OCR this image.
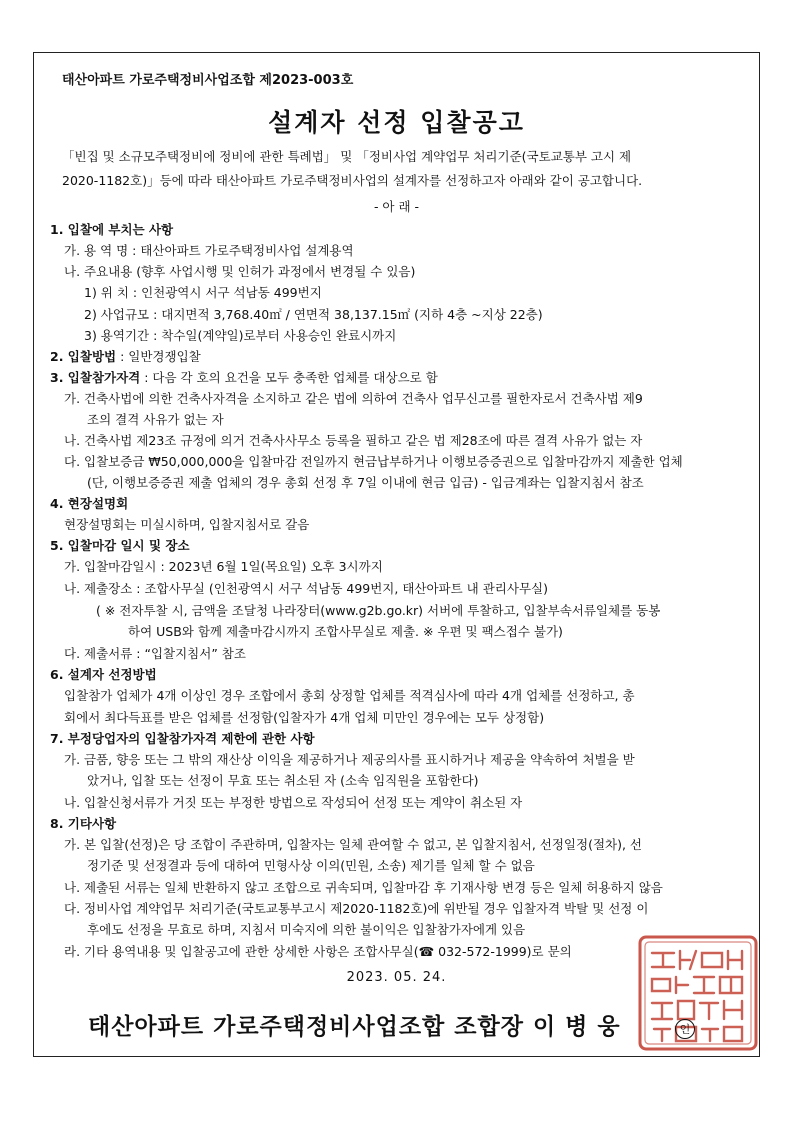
태산아파트 가로주택정비사업조합 제2023-003호
설계자 선정 입찰공고
「빈집 및 소규모주택정비에 정비에 관한 특례법」 및 「정비사업 계약업무 처리기준(국토교통부 고시 제
2020-1182호)」등에 따라 태산아파트 가로주택정비사업의 설계자를 선정하고자 아래와 같이 공고합니다.
- 아 래 -
1. 입찰에 부치는 사항
가. 용 역 명 : 태산아파트 가로주택정비사업 설계용역
나. 주요내용 (향후 사업시행 및 인허가 과정에서 변경될 수 있음)
1) 위 치 : 인천광역시 서구 석남동 499번지
2) 사업규모 : 대지면적 3,768.40㎡ / 연면적 38,137.15㎡ (지하 4층 ~지상 22층)
3) 용역기간 : 착수일(계약일)로부터 사용승인 완료시까지
2. 입찰방법 : 일반경쟁입찰
3. 입찰참가자격 : 다음 각 호의 요건을 모두 충족한 업체를 대상으로 함
가. 건축사법에 의한 건축사자격을 소지하고 같은 법에 의하여 건축사 업무신고를 필한자로서 건축사법 제9
조의 결격 사유가 없는 자
나. 건축사법 제23조 규정에 의거 건축사사무소 등록을 필하고 같은 법 제28조에 따른 결격 사유가 없는 자
다. 입찰보증금 ₩50,000,000을 입찰마감 전일까지 현금납부하거나 이행보증증권으로 입찰마감까지 제출한 업체
(단, 이행보증증권 제출 업체의 경우 총회 선정 후 7일 이내에 현금 입금) - 입금계좌는 입찰지침서 참조
4. 현장설명회
현장설명회는 미실시하며, 입찰지침서로 갈음
5. 입찰마감 일시 및 장소
가. 입찰마감일시 : 2023년 6월 1일(목요일) 오후 3시까지
나. 제출장소 : 조합사무실 (인천광역시 서구 석남동 499번지, 태산아파트 내 관리사무실)
( ※ 전자투찰 시, 금액을 조달청 나라장터(www.g2b.go.kr) 서버에 투찰하고, 입찰부속서류일체를 동봉
하여 USB와 함께 제출마감시까지 조합사무실로 제출. ※ 우편 및 팩스접수 불가)
다. 제출서류 : “입찰지침서” 참조
6. 설계자 선정방법
입찰참가 업체가 4개 이상인 경우 조합에서 총회 상정할 업체를 적격심사에 따라 4개 업체를 선정하고, 총
회에서 최다득표를 받은 업체를 선정함(입찰자가 4개 업체 미만인 경우에는 모두 상정함)
7. 부정당업자의 입찰참가자격 제한에 관한 사항
가. 금품, 향응 또는 그 밖의 재산상 이익을 제공하거나 제공의사를 표시하거나 제공을 약속하여 처벌을 받
았거나, 입찰 또는 선정이 무효 또는 취소된 자 (소속 임직원을 포함한다)
나. 입찰신청서류가 거짓 또는 부정한 방법으로 작성되어 선정 또는 계약이 취소된 자
8. 기타사항
가. 본 입찰(선정)은 당 조합이 주관하며, 입찰자는 일체 관여할 수 없고, 본 입찰지침서, 선정일정(절차), 선
정기준 및 선정결과 등에 대하여 민형사상 이의(민원, 소송) 제기를 일체 할 수 없음
나. 제출된 서류는 일체 반환하지 않고 조합으로 귀속되며, 입찰마감 후 기재사항 변경 등은 일체 허용하지 않음
다. 정비사업 계약업무 처리기준(국토교통부고시 제2020-1182호)에 위반될 경우 입찰자격 박탈 및 선정 이
후에도 선정을 무효로 하며, 지침서 미숙지에 의한 불이익은 입찰참가자에게 있음
라. 기타 용역내용 및 입찰공고에 관한 상세한 사항은 조합사무실(☎ 032-572-1999)로 문의
2023. 05. 24.
태산아파트 가로주택정비사업조합 조합장 이 병 웅	인
